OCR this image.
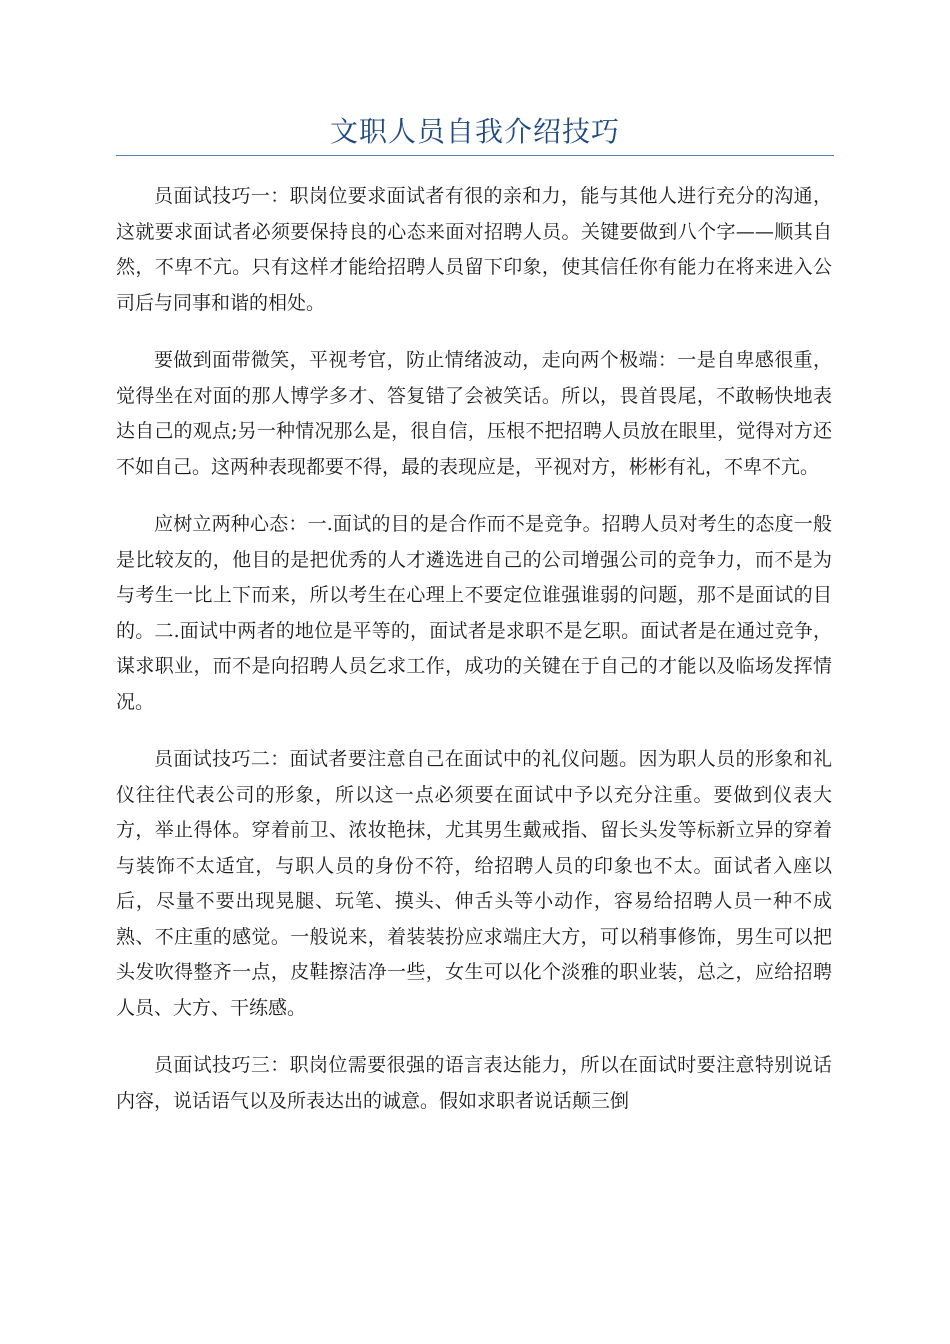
文职人员自我介绍技巧

员面试技巧一：职岗位要求面试者有很的亲和力，能与其他人进行充分的沟通，这就要求面试者必须要保持良的心态来面对招聘人员。关键要做到八个字——顺其自然，不卑不亢。只有这样才能给招聘人员留下印象，使其信任你有能力在将来进入公司后与同事和谐的相处。

要做到面带微笑，平视考官，防止情绪波动，走向两个极端：一是自卑感很重，觉得坐在对面的那人博学多才、答复错了会被笑话。所以，畏首畏尾，不敢畅快地表达自己的观点;另一种情况那么是，很自信，压根不把招聘人员放在眼里，觉得对方还不如自己。这两种表现都要不得，最的表现应是，平视对方，彬彬有礼，不卑不亢。

应树立两种心态：一.面试的目的是合作而不是竞争。招聘人员对考生的态度一般是比较友的，他目的是把优秀的人才遴选进自己的公司增强公司的竞争力，而不是为与考生一比上下而来，所以考生在心理上不要定位谁强谁弱的问题，那不是面试的目的。二.面试中两者的地位是平等的，面试者是求职不是乞职。面试者是在通过竞争，谋求职业，而不是向招聘人员乞求工作，成功的关键在于自己的才能以及临场发挥情况。

员面试技巧二：面试者要注意自己在面试中的礼仪问题。因为职人员的形象和礼仪往往代表公司的形象，所以这一点必须要在面试中予以充分注重。要做到仪表大方，举止得体。穿着前卫、浓妆艳抹，尤其男生戴戒指、留长头发等标新立异的穿着与装饰不太适宜，与职人员的身份不符，给招聘人员的印象也不太。面试者入座以后，尽量不要出现晃腿、玩笔、摸头、伸舌头等小动作，容易给招聘人员一种不成熟、不庄重的感觉。一般说来，着装装扮应求端庄大方，可以稍事修饰，男生可以把头发吹得整齐一点，皮鞋擦洁净一些，女生可以化个淡雅的职业装，总之，应给招聘人员、大方、干练感。

员面试技巧三：职岗位需要很强的语言表达能力，所以在面试时要注意特别说话内容，说话语气以及所表达出的诚意。假如求职者说话颠三倒
